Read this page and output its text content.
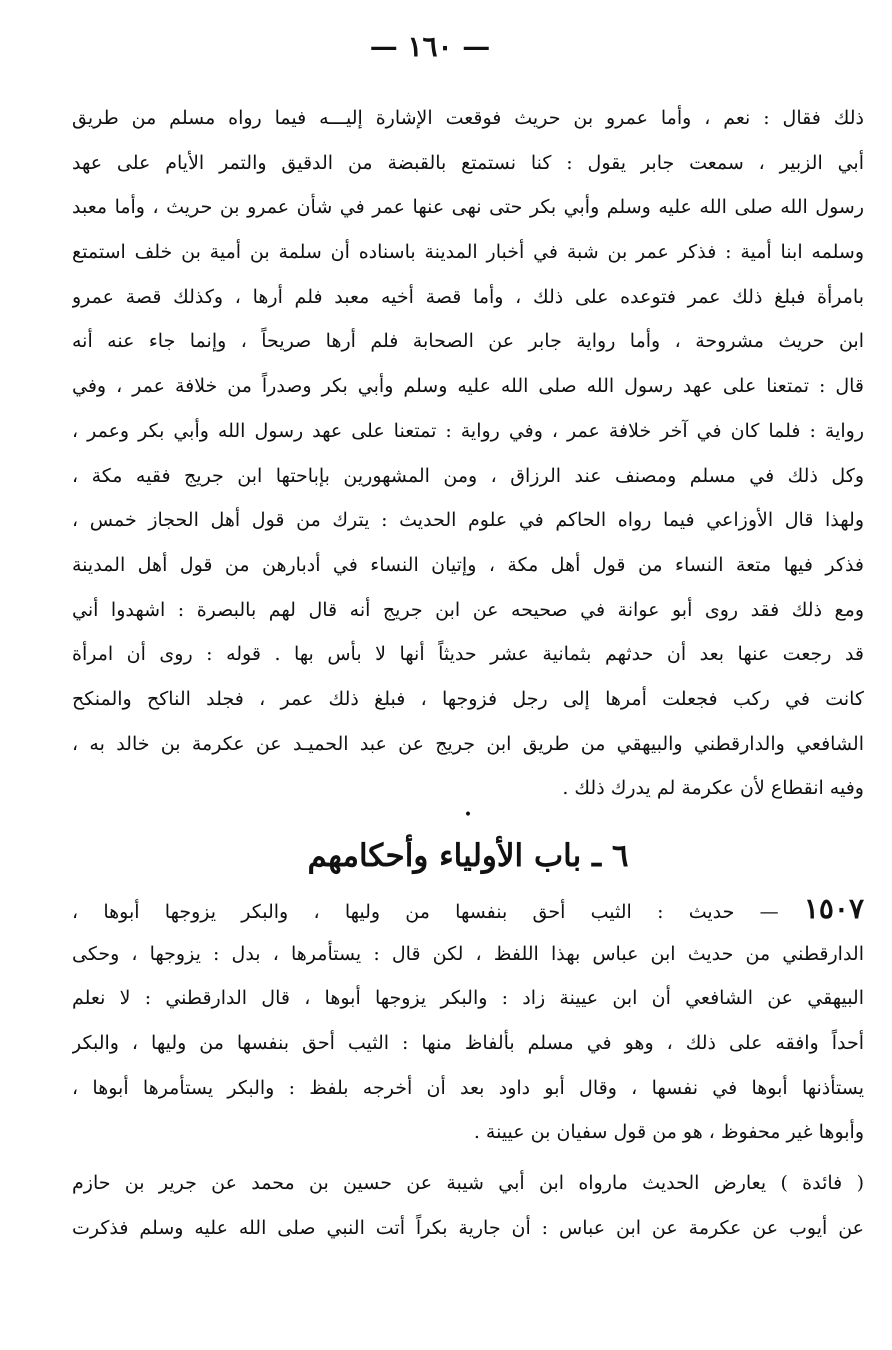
— ١٦٠ —
ذلك فقال : نعم ، وأما عمرو بن حريث فوقعت الإشارة إليـــه فيما رواه مسلم من طريق
أبي الزبير ، سمعت جابر يقول : كنا نستمتع بالقبضة من الدقيق والتمر الأيام على عهد
رسول الله صلى الله عليه وسلم وأبي بكر حتى نهى عنها عمر في شأن عمرو بن حريث ، وأما معبد
وسلمه ابنا أمية : فذكر عمر بن شبة في أخبار المدينة باسناده أن سلمة بن أمية بن خلف استمتع
بامرأة فبلغ ذلك عمر فتوعده على ذلك ، وأما قصة أخيه معبد فلم أرها ، وكذلك قصة عمرو
ابن حريث مشروحة ، وأما رواية جابر عن الصحابة فلم أرها صريحاً ، وإنما جاء عنه أنه
قال : تمتعنا على عهد رسول الله صلى الله عليه وسلم وأبي بكر وصدراً من خلافة عمر ، وفي
رواية : فلما كان في آخر خلافة عمر ، وفي رواية : تمتعنا على عهد رسول الله وأبي بكر وعمر ،
وكل ذلك في مسلم ومصنف عند الرزاق ، ومن المشهورين بإباحتها ابن جريج فقيه مكة ،
ولهذا قال الأوزاعي فيما رواه الحاكم في علوم الحديث : يترك من قول أهل الحجاز خمس ،
فذكر فيها متعة النساء من قول أهل مكة ، وإتيان النساء في أدبارهن من قول أهل المدينة
ومع ذلك فقد روى أبو عوانة في صحيحه عن ابن جريج أنه قال لهم بالبصرة : اشهدوا أني
قد رجعت عنها بعد أن حدثهم بثمانية عشر حديثاً أنها لا بأس بها . قوله : روى أن امرأة
كانت في ركب فجعلت أمرها إلى رجل فزوجها ، فبلغ ذلك عمر ، فجلد الناكح والمنكح
الشافعي والدارقطني والبيهقي من طريق ابن جريج عن عبد الحميـد عن عكرمة بن خالد به ،
وفيه انقطاع لأن عكرمة لم يدرك ذلك .
•
٦ ـ باب الأولياء وأحكامهم
١٥٠٧ — حديث : الثيب أحق بنفسها من وليها ، والبكر يزوجها أبوها ،
الدارقطني من حديث ابن عباس بهذا اللفظ ، لكن قال : يستأمرها ، بدل : يزوجها ، وحكى
البيهقي عن الشافعي أن ابن عيينة زاد : والبكر يزوجها أبوها ، قال الدارقطني : لا نعلم
أحداً وافقه على ذلك ، وهو في مسلم بألفاظ منها : الثيب أحق بنفسها من وليها ، والبكر
يستأذنها أبوها في نفسها ، وقال أبو داود بعد أن أخرجه بلفظ : والبكر يستأمرها أبوها ،
وأبوها غير محفوظ ، هو من قول سفيان بن عيينة .
( فائدة ) يعارض الحديث مارواه ابن أبي شيبة عن حسين بن محمد عن جرير بن حازم
عن أيوب عن عكرمة عن ابن عباس : أن جارية بكراً أتت النبي صلى الله عليه وسلم فذكرت
